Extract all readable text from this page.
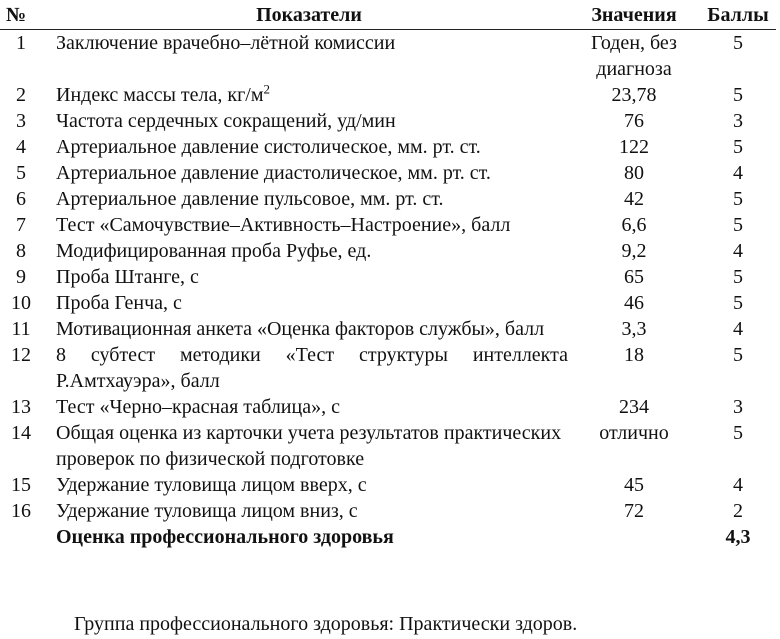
№	Показатели	Значения	Баллы
1	Заключение врачебно–лётной комиссии	Годен, без диагноза	5
2	Индекс массы тела, $кг/м^2$	23,78	5
3	Частота сердечных сокращений, уд/мин	76	3
4	Артериальное давление систолическое, мм. рт. ст.	122	5
5	Артериальное давление диастолическое, мм. рт. ст.	80	4
6	Артериальное давление пульсовое, мм. рт. ст.	42	5
7	Тест «Самочувствие–Активность–Настроение», балл	6,6	5
8	Модифицированная проба Руфье, ед.	9,2	4
9	Проба Штанге, с	65	5
10	Проба Генча, с	46	5
11	Мотивационная анкета «Оценка факторов службы», балл	3,3	4
12	8 субтест методики «Тест структуры интеллекта Р.Амтхауэра», балл	18	5
13	Тест «Черно–красная таблица», с	234	3
14	Общая оценка из карточки учета результатов практических проверок по физической подготовке	отлично	5
15	Удержание туловища лицом вверх, с	45	4
16	Удержание туловища лицом вниз, с	72	2
	Оценка профессионального здоровья		4,3
Группа профессионального здоровья: Практически здоров.
